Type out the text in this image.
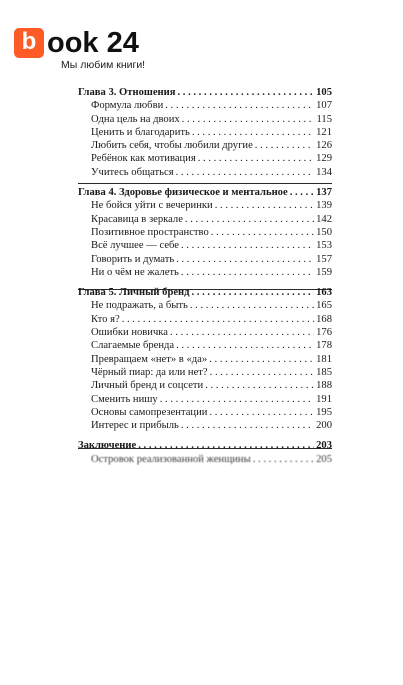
b ook 24
Мы любим книги!
Глава 3. Отношения . . .	105
Формула любви . . .	107
Одна цель на двоих . . .	115
Ценить и благодарить . . .	121
Любить себя, чтобы любили другие . . .	126
Ребёнок как мотивация . . .	129
Учитесь общаться . . .	134
Глава 4. Здоровье физическое и ментальное . . .	137
Не бойся уйти с вечеринки . . .	139
Красавица в зеркале . . .	142
Позитивное пространство . . .	150
Всё лучшее — себе . . .	153
Говорить и думать . . .	157
Ни о чём не жалеть . . .	159
Глава 5. Личный бренд . . .	163
Не подражать, а быть . . .	165
Кто я? . . .	168
Ошибки новичка . . .	176
Слагаемые бренда . . .	178
Превращаем «нет» в «да» . . .	181
Чёрный пиар: да или нет? . . .	185
Личный бренд и соцсети . . .	188
Сменить нишу . . .	191
Основы самопрезентации . . .	195
Интерес и прибыль . . .	200
Заключение . . .	203
Островок реализованной женщины . . .	205
